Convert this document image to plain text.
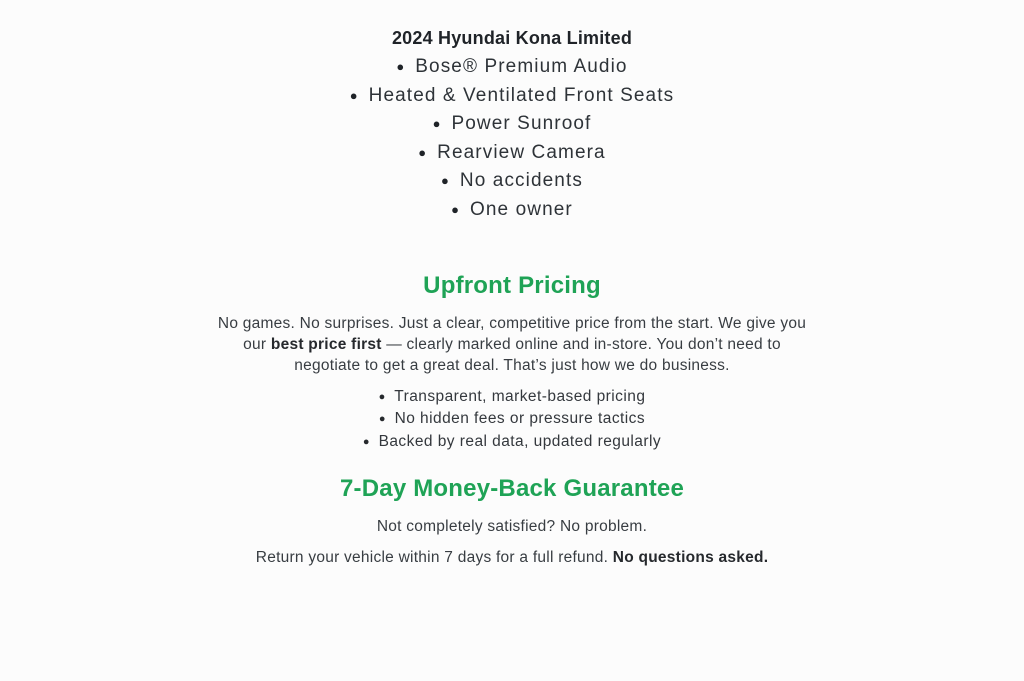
2024 Hyundai Kona Limited
● Bose® Premium Audio
● Heated & Ventilated Front Seats
● Power Sunroof
● Rearview Camera
● No accidents
● One owner
Upfront Pricing

No games. No surprises. Just a clear, competitive price from the start. We give you our best price first — clearly marked online and in-store. You don’t need to negotiate to get a great deal. That’s just how we do business.

● Transparent, market-based pricing
● No hidden fees or pressure tactics
● Backed by real data, updated regularly
7-Day Money-Back Guarantee

Not completely satisfied? No problem.

Return your vehicle within 7 days for a full refund. No questions asked.
